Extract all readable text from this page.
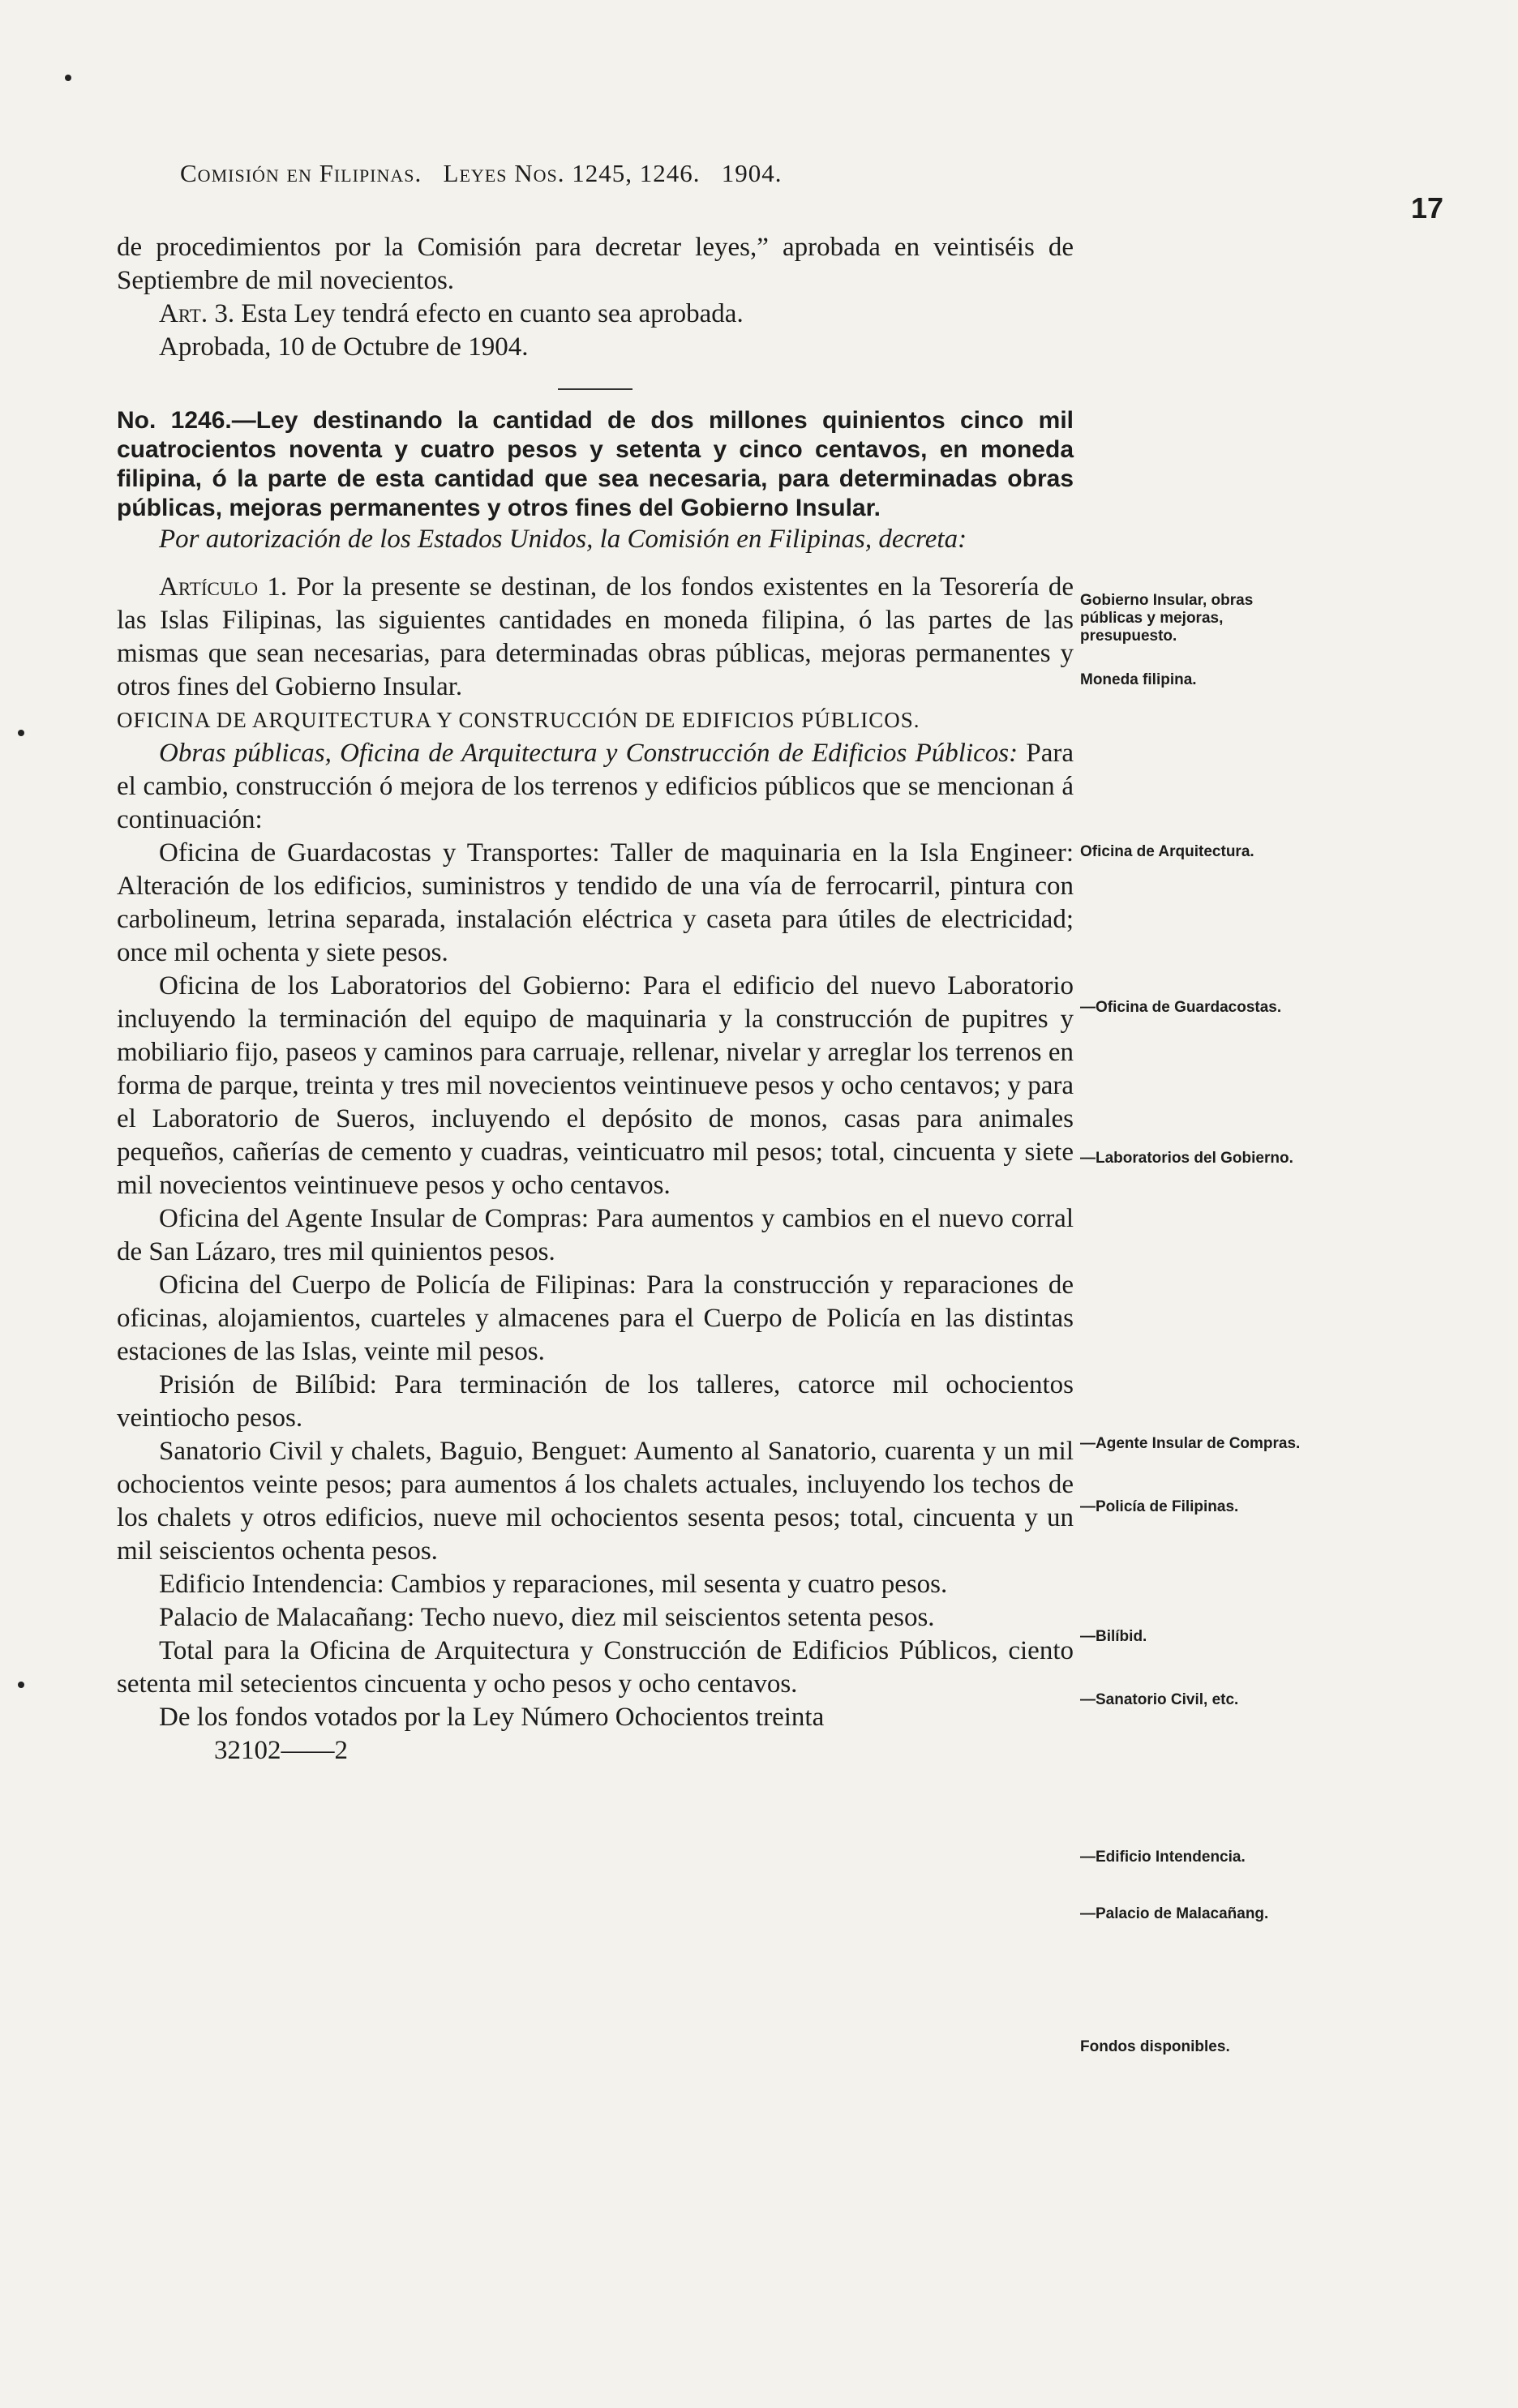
Comisión en Filipinas. Leyes Nos. 1245, 1246. 1904.
17

de procedimientos por la Comisión para decretar leyes,” aprobada en veintiséis de Septiembre de mil novecientos.

Art. 3. Esta Ley tendrá efecto en cuanto sea aprobada.

Aprobada, 10 de Octubre de 1904.

No. 1246.—Ley destinando la cantidad de dos millones quinientos cinco mil cuatrocientos noventa y cuatro pesos y setenta y cinco centavos, en moneda filipina, ó la parte de esta cantidad que sea necesaria, para determinadas obras públicas, mejoras permanentes y otros fines del Gobierno Insular.

Por autorización de los Estados Unidos, la Comisión en Filipinas, decreta:

Artículo 1. Por la presente se destinan, de los fondos existentes en la Tesorería de las Islas Filipinas, las siguientes cantidades en moneda filipina, ó las partes de las mismas que sean necesarias, para determinadas obras públicas, mejoras permanentes y otros fines del Gobierno Insular.

OFICINA DE ARQUITECTURA Y CONSTRUCCIÓN DE EDIFICIOS PÚBLICOS.

Obras públicas, Oficina de Arquitectura y Construcción de Edificios Públicos: Para el cambio, construcción ó mejora de los terrenos y edificios públicos que se mencionan á continuación:

Oficina de Guardacostas y Transportes: Taller de maquinaria en la Isla Engineer: Alteración de los edificios, suministros y tendido de una vía de ferrocarril, pintura con carbolineum, letrina separada, instalación eléctrica y caseta para útiles de electricidad; once mil ochenta y siete pesos.

Oficina de los Laboratorios del Gobierno: Para el edificio del nuevo Laboratorio incluyendo la terminación del equipo de maquinaria y la construcción de pupitres y mobiliario fijo, paseos y caminos para carruaje, rellenar, nivelar y arreglar los terrenos en forma de parque, treinta y tres mil novecientos veintinueve pesos y ocho centavos; y para el Laboratorio de Sueros, incluyendo el depósito de monos, casas para animales pequeños, cañerías de cemento y cuadras, veinticuatro mil pesos; total, cincuenta y siete mil novecientos veintinueve pesos y ocho centavos.

Oficina del Agente Insular de Compras: Para aumentos y cambios en el nuevo corral de San Lázaro, tres mil quinientos pesos.

Oficina del Cuerpo de Policía de Filipinas: Para la construcción y reparaciones de oficinas, alojamientos, cuarteles y almacenes para el Cuerpo de Policía en las distintas estaciones de las Islas, veinte mil pesos.

Prisión de Bilíbid: Para terminación de los talleres, catorce mil ochocientos veintiocho pesos.

Sanatorio Civil y chalets, Baguio, Benguet: Aumento al Sanatorio, cuarenta y un mil ochocientos veinte pesos; para aumentos á los chalets actuales, incluyendo los techos de los chalets y otros edificios, nueve mil ochocientos sesenta pesos; total, cincuenta y un mil seiscientos ochenta pesos.

Edificio Intendencia: Cambios y reparaciones, mil sesenta y cuatro pesos.

Palacio de Malacañang: Techo nuevo, diez mil seiscientos setenta pesos.

Total para la Oficina de Arquitectura y Construcción de Edificios Públicos, ciento setenta mil setecientos cincuenta y ocho pesos y ocho centavos.

De los fondos votados por la Ley Número Ochocientos treinta

32102——2

Gobierno Insular, obras públicas y mejoras, presupuesto.
Moneda filipina.
Oficina de Arquitectura.
—Oficina de Guardacostas.
—Laboratorios del Gobierno.
—Agente Insular de Compras.
—Policía de Filipinas.
—Bilíbid.
—Sanatorio Civil, etc.
—Edificio Intendencia.
—Palacio de Malacañang.
Fondos disponibles.
